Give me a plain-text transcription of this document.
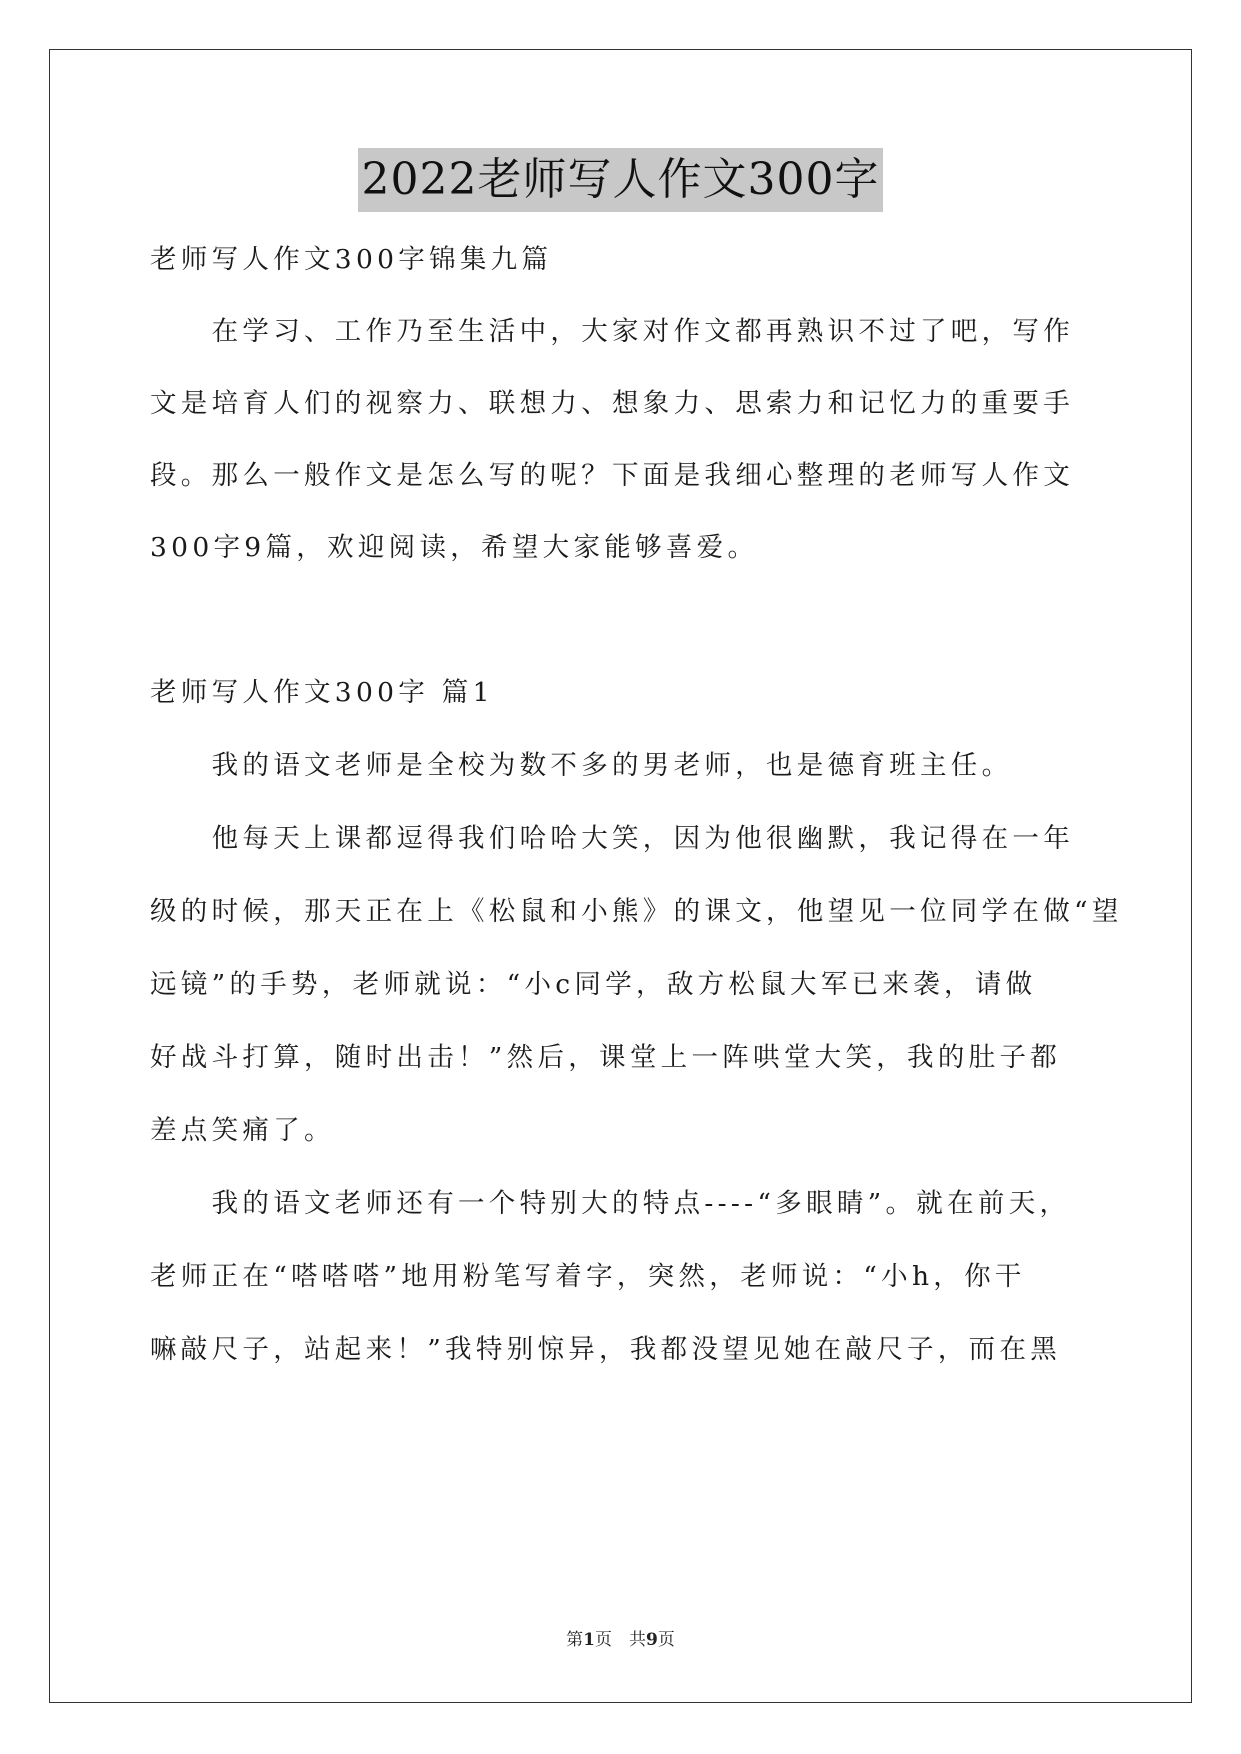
2022老师写人作文300字
老师写人作文300字锦集九篇
　　在学习、工作乃至生活中，大家对作文都再熟识不过了吧，写作
文是培育人们的视察力、联想力、想象力、思索力和记忆力的重要手
段。那么一般作文是怎么写的呢？下面是我细心整理的老师写人作文
300字9篇，欢迎阅读，希望大家能够喜爱。
老师写人作文300字 篇1
　　我的语文老师是全校为数不多的男老师，也是德育班主任。
　　他每天上课都逗得我们哈哈大笑，因为他很幽默，我记得在一年
级的时候，那天正在上《松鼠和小熊》的课文，他望见一位同学在做“望
远镜”的手势，老师就说：“小c同学，敌方松鼠大军已来袭，请做
好战斗打算，随时出击！”然后，课堂上一阵哄堂大笑，我的肚子都
差点笑痛了。
　　我的语文老师还有一个特别大的特点----“多眼睛”。就在前天，
老师正在“嗒嗒嗒”地用粉笔写着字，突然，老师说：“小h，你干
嘛敲尺子，站起来！”我特别惊异，我都没望见她在敲尺子，而在黑
第1页　共9页
